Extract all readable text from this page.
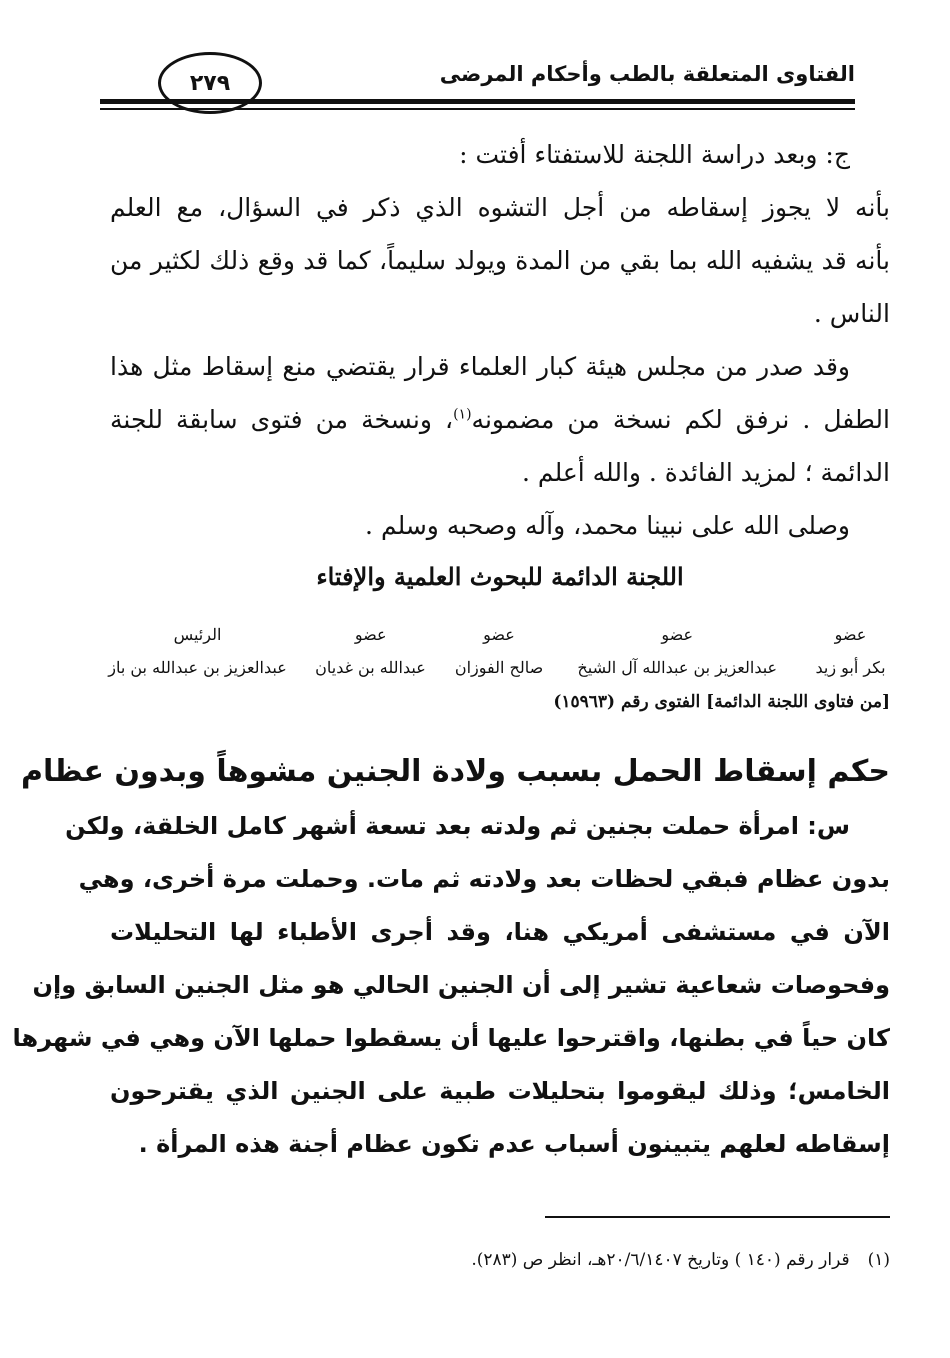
الفتاوى المتعلقة بالطب وأحكام المرضى
٢٧٩
ج: وبعد دراسة اللجنة للاستفتاء أفتت :
بأنه لا يجوز إسقاطه من أجل التشوه الذي ذكر في السؤال، مع العلم
بأنه قد يشفيه الله بما بقي من المدة ويولد سليماً، كما قد وقع ذلك لكثير من
الناس .
وقد صدر من مجلس هيئة كبار العلماء قرار يقتضي منع إسقاط مثل هذا
الطفل . نرفق لكم نسخة من مضمونه$^{(١)}$، ونسخة من فتوى سابقة للجنة
الدائمة ؛ لمزيد الفائدة . والله أعلم .
وصلى الله على نبينا محمد، وآله وصحبه وسلم .
اللجنة الدائمة للبحوث العلمية والإفتاء
عضو
عضو
عضو
عضو
الرئيس
بكر أبو زيد
عبدالعزيز بن عبدالله آل الشيخ
صالح الفوزان
عبدالله بن غديان
عبدالعزيز بن عبدالله بن باز
[من فتاوى اللجنة الدائمة] الفتوى رقم (١٥٩٦٣)
حكم إسقاط الحمل بسبب ولادة الجنين مشوهاً وبدون عظام
س: امرأة حملت بجنين ثم ولدته بعد تسعة أشهر كامل الخلقة، ولكن
بدون عظام فبقي لحظات بعد ولادته ثم مات. وحملت مرة أخرى، وهي
الآن في مستشفى أمريكي هنا، وقد أجرى الأطباء لها التحليلات
وفحوصات شعاعية تشير إلى أن الجنين الحالي هو مثل الجنين السابق وإن
كان حياً في بطنها، واقترحوا عليها أن يسقطوا حملها الآن وهي في شهرها
الخامس؛ وذلك ليقوموا بتحليلات طبية على الجنين الذي يقترحون
إسقاطه لعلهم يتبينون أسباب عدم تكون عظام أجنة هذه المرأة .
(١)قرار رقم (١٤٠ ) وتاريخ ٢٠/٦/١٤٠٧هـ، انظر ص (٢٨٣).
